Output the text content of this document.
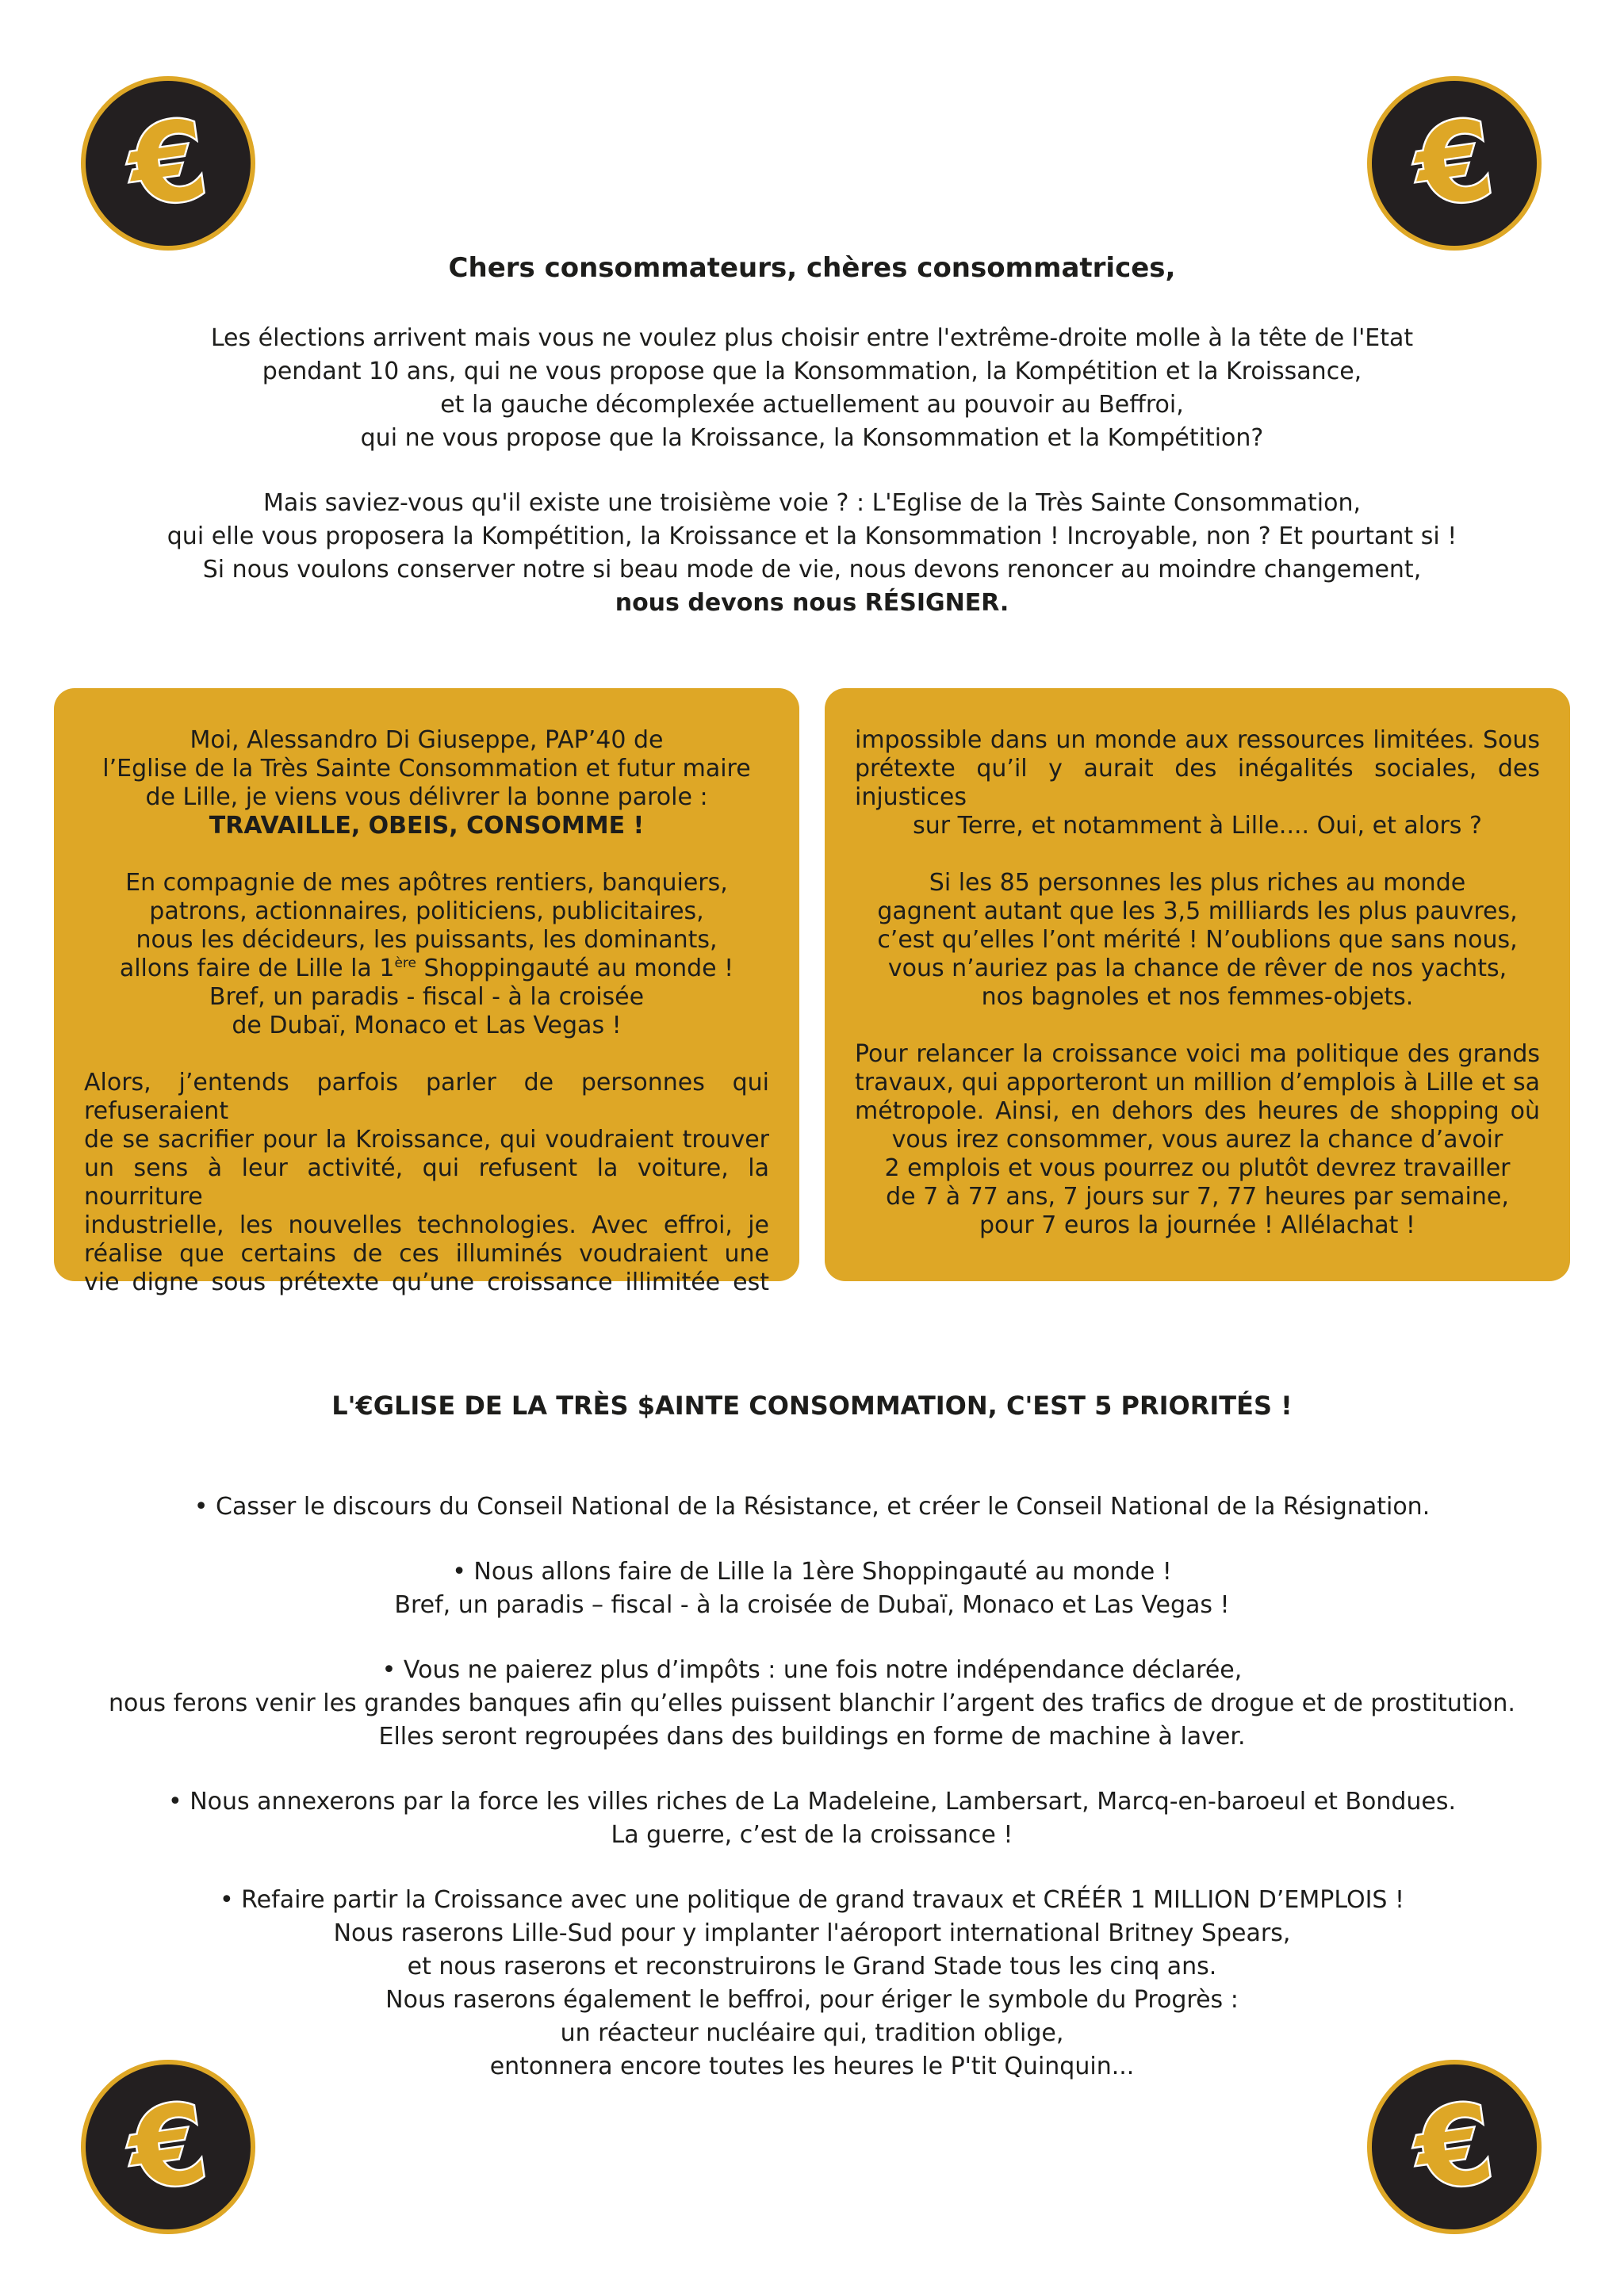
€	€
€	€
Chers consommateurs, chères consommatrices,

Les élections arrivent mais vous ne voulez plus choisir entre l'extrême-droite molle à la tête de l'Etat

pendant 10 ans, qui ne vous propose que la Konsommation, la Kompétition et la Kroissance,

et la gauche décomplexée actuellement au pouvoir au Beffroi,

qui ne vous propose que la Kroissance, la Konsommation et la Kompétition?

Mais saviez-vous qu'il existe une troisième voie ? : L'Eglise de la Très Sainte Consommation,

qui elle vous proposera la Kompétition, la Kroissance et la Konsommation ! Incroyable, non ? Et pourtant si !

Si nous voulons conserver notre si beau mode de vie, nous devons renoncer au moindre changement,

nous devons nous RÉSIGNER.

Moi, Alessandro Di Giuseppe, PAP’40 de
l’Eglise de la Très Sainte Consommation et futur maire
de Lille, je viens vous délivrer la bonne parole :
TRAVAILLE, OBEIS, CONSOMME !

En compagnie de mes apôtres rentiers, banquiers,
patrons, actionnaires, politiciens, publicitaires,
nous les décideurs, les puissants, les dominants,
allons faire de Lille la 1ère Shoppingauté au monde !
Bref, un paradis - fiscal - à la croisée
de Dubaï, Monaco et Las Vegas !

Alors, j’entends parfois parler de personnes qui refuseraient
de se sacrifier pour la Kroissance, qui voudraient trouver
un sens à leur activité, qui refusent la voiture, la nourriture
industrielle, les nouvelles technologies. Avec effroi, je
réalise que certains de ces illuminés voudraient une
vie digne sous prétexte qu’une croissance illimitée est

impossible dans un monde aux ressources limitées. Sous
prétexte qu’il y aurait des inégalités sociales, des injustices
sur Terre, et notamment à Lille.... Oui, et alors ?

Si les 85 personnes les plus riches au monde
gagnent autant que les 3,5 milliards les plus pauvres,
c’est qu’elles l’ont mérité ! N’oublions que sans nous,
vous n’auriez pas la chance de rêver de nos yachts,
nos bagnoles et nos femmes-objets.

Pour relancer la croissance voici ma politique des grands
travaux, qui apporteront un million d’emplois à Lille et sa
métropole. Ainsi, en dehors des heures de shopping où
vous irez consommer, vous aurez la chance d’avoir
2 emplois et vous pourrez ou plutôt devrez travailler
de 7 à 77 ans, 7 jours sur 7, 77 heures par semaine,
pour 7 euros la journée ! Allélachat !

L'€GLISE DE LA TRÈS $AINTE CONSOMMATION, C'EST 5 PRIORITÉS !

• Casser le discours du Conseil National de la Résistance, et créer le Conseil National de la Résignation.

• Nous allons faire de Lille la 1ère Shoppingauté au monde !
Bref, un paradis – fiscal - à la croisée de Dubaï, Monaco et Las Vegas !

• Vous ne paierez plus d’impôts : une fois notre indépendance déclarée,
nous ferons venir les grandes banques afin qu’elles puissent blanchir l’argent des trafics de drogue et de prostitution.
Elles seront regroupées dans des buildings en forme de machine à laver.

• Nous annexerons par la force les villes riches de La Madeleine, Lambersart, Marcq-en-baroeul et Bondues.
La guerre, c’est de la croissance !

• Refaire partir la Croissance avec une politique de grand travaux et CRÉÉR 1 MILLION D’EMPLOIS !
Nous raserons Lille-Sud pour y implanter l'aéroport international Britney Spears,
et nous raserons et reconstruirons le Grand Stade tous les cinq ans.
Nous raserons également le beffroi, pour ériger le symbole du Progrès :
un réacteur nucléaire qui, tradition oblige,
entonnera encore toutes les heures le P'tit Quinquin...
